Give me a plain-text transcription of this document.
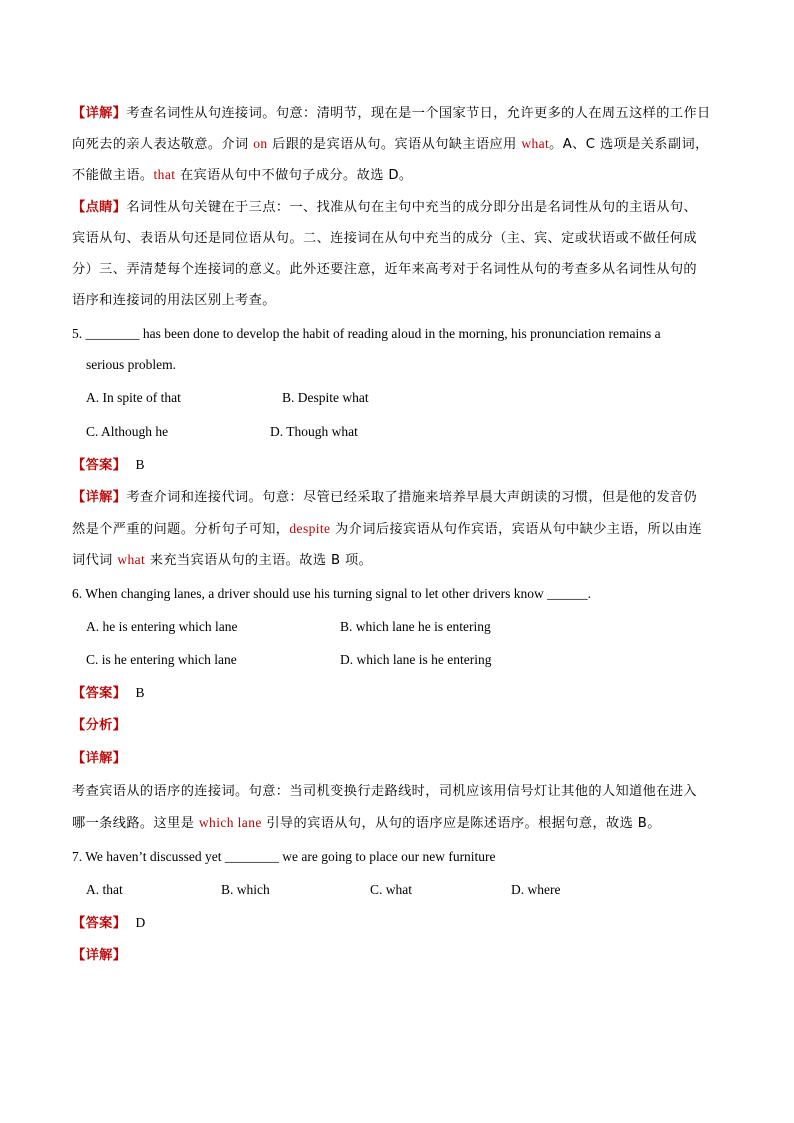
【详解】考查名词性从句连接词。句意：清明节，现在是一个国家节日，允许更多的人在周五这样的工作日
向死去的亲人表达敬意。介词 on 后跟的是宾语从句。宾语从句缺主语应用 what。A、C 选项是关系副词，
不能做主语。that 在宾语从句中不做句子成分。故选 D。
【点睛】名词性从句关键在于三点：一、找准从句在主句中充当的成分即分出是名词性从句的主语从句、
宾语从句、表语从句还是同位语从句。二、连接词在从句中充当的成分（主、宾、定或状语或不做任何成
分）三、弄清楚每个连接词的意义。此外还要注意，近年来高考对于名词性从句的考查多从名词性从句的
语序和连接词的用法区别上考查。
5. ________ has been done to develop the habit of reading aloud in the morning, his pronunciation remains a
serious problem.
A. In spite of that	B. Despite what
C. Although he	D. Though what
【答案】 B
【详解】考查介词和连接代词。句意：尽管已经采取了措施来培养早晨大声朗读的习惯，但是他的发音仍
然是个严重的问题。分析句子可知，despite 为介词后接宾语从句作宾语，宾语从句中缺少主语，所以由连
词代词 what 来充当宾语从句的主语。故选 B 项。
6. When changing lanes, a driver should use his turning signal to let other drivers know ______.
A. he is entering which lane	B. which lane he is entering
C. is he entering which lane	D. which lane is he entering
【答案】 B
【分析】
【详解】
考查宾语从的语序的连接词。句意：当司机变换行走路线时，司机应该用信号灯让其他的人知道他在进入
哪一条线路。这里是 which lane 引导的宾语从句，从句的语序应是陈述语序。根据句意，故选 B。
7. We haven’t discussed yet ________ we are going to place our new furniture
A. that	B. which	C. what	D. where
【答案】 D
【详解】
